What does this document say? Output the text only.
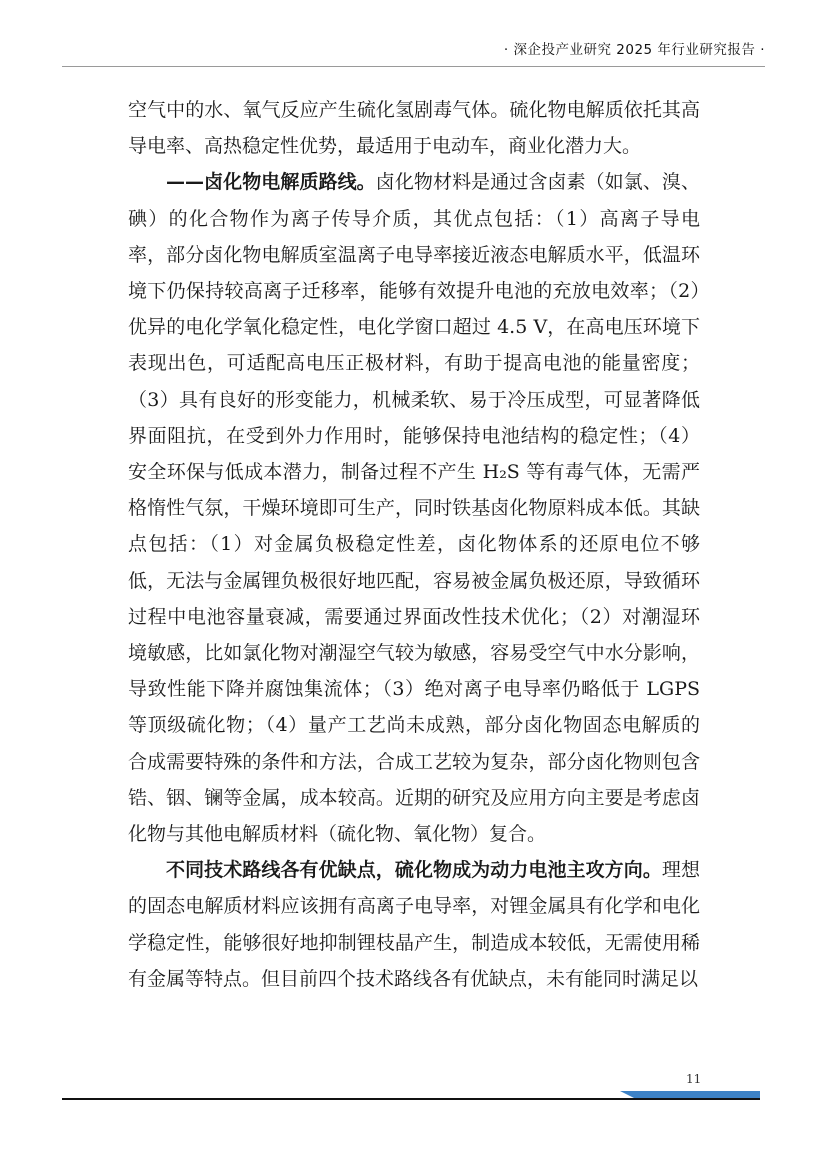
· 深企投产业研究 2025 年行业研究报告 ·

空气中的水、氧气反应产生硫化氢剧毒气体。硫化物电解质依托其高导电率、高热稳定性优势，最适用于电动车，商业化潜力大。

——卤化物电解质路线。卤化物材料是通过含卤素（如氯、溴、碘）的化合物作为离子传导介质，其优点包括：（1）高离子导电率，部分卤化物电解质室温离子电导率接近液态电解质水平，低温环境下仍保持较高离子迁移率，能够有效提升电池的充放电效率；（2）优异的电化学氧化稳定性，电化学窗口超过 4.5 V，在高电压环境下表现出色，可适配高电压正极材料，有助于提高电池的能量密度；（3）具有良好的形变能力，机械柔软、易于冷压成型，可显著降低界面阻抗，在受到外力作用时，能够保持电池结构的稳定性；（4）安全环保与低成本潜力，制备过程不产生 H₂S 等有毒气体，无需严格惰性气氛，干燥环境即可生产，同时铁基卤化物原料成本低。其缺点包括：（1）对金属负极稳定性差，卤化物体系的还原电位不够低，无法与金属锂负极很好地匹配，容易被金属负极还原，导致循环过程中电池容量衰减，需要通过界面改性技术优化；（2）对潮湿环境敏感，比如氯化物对潮湿空气较为敏感，容易受空气中水分影响，导致性能下降并腐蚀集流体；（3）绝对离子电导率仍略低于 LGPS 等顶级硫化物；（4）量产工艺尚未成熟，部分卤化物固态电解质的合成需要特殊的条件和方法，合成工艺较为复杂，部分卤化物则包含锆、铟、镧等金属，成本较高。近期的研究及应用方向主要是考虑卤化物与其他电解质材料（硫化物、氧化物）复合。

不同技术路线各有优缺点，硫化物成为动力电池主攻方向。理想的固态电解质材料应该拥有高离子电导率，对锂金属具有化学和电化学稳定性，能够很好地抑制锂枝晶产生，制造成本较低，无需使用稀有金属等特点。但目前四个技术路线各有优缺点，未有能同时满足以

11
